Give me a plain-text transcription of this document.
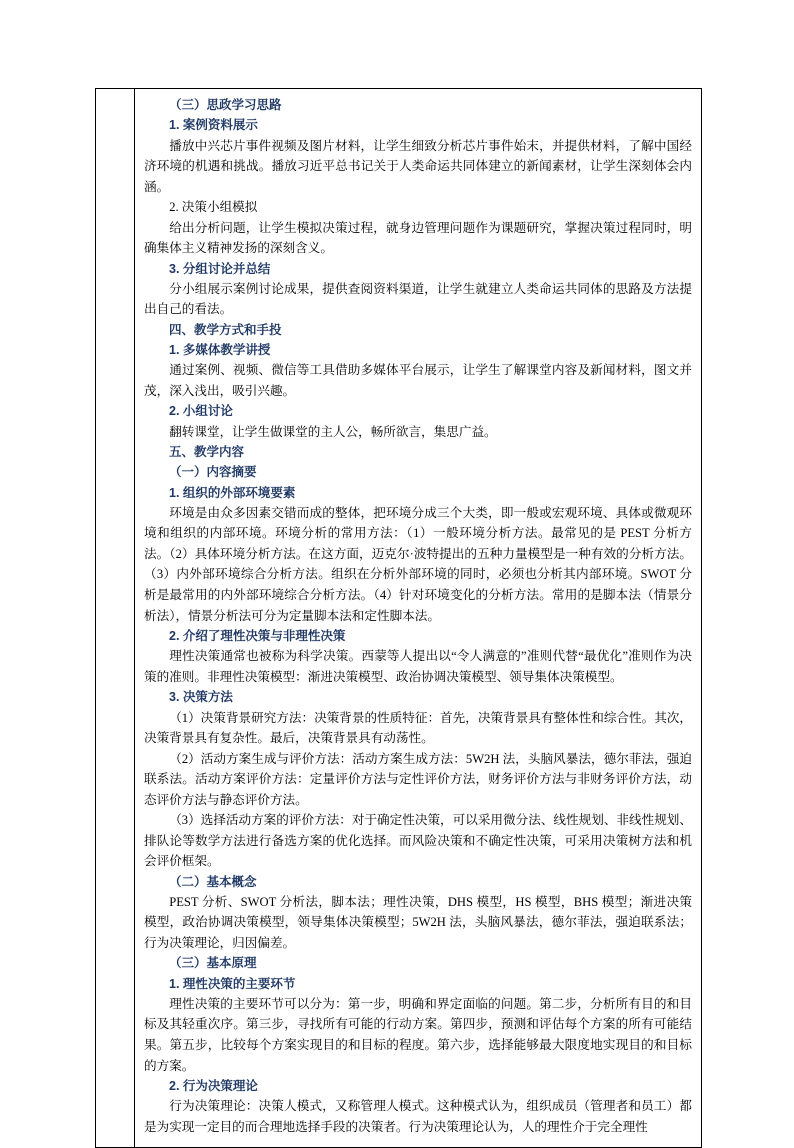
（三）思政学习思路

1. 案例资料展示

播放中兴芯片事件视频及图片材料，让学生细致分析芯片事件始末，并提供材料，了解中国经济环境的机遇和挑战。播放习近平总书记关于人类命运共同体建立的新闻素材，让学生深刻体会内涵。

2. 决策小组模拟

给出分析问题，让学生模拟决策过程，就身边管理问题作为课题研究，掌握决策过程同时，明确集体主义精神发扬的深刻含义。

3. 分组讨论并总结

分小组展示案例讨论成果，提供查阅资料渠道，让学生就建立人类命运共同体的思路及方法提出自己的看法。

四、教学方式和手投

1. 多媒体教学讲授

通过案例、视频、微信等工具借助多媒体平台展示，让学生了解课堂内容及新闻材料，图文并茂，深入浅出，吸引兴趣。

2. 小组讨论

翻转课堂，让学生做课堂的主人公，畅所欲言，集思广益。

五、教学内容

（一）内容摘要

1. 组织的外部环境要素

环境是由众多因素交错而成的整体，把环境分成三个大类，即一般或宏观环境、具体或微观环境和组织的内部环境。环境分析的常用方法：（1）一般环境分析方法。最常见的是 PEST 分析方法。（2）具体环境分析方法。在这方面，迈克尔·波特提出的五种力量模型是一种有效的分析方法。（3）内外部环境综合分析方法。组织在分析外部环境的同时，必须也分析其内部环境。SWOT 分析是最常用的内外部环境综合分析方法。（4）针对环境变化的分析方法。常用的是脚本法（情景分析法），情景分析法可分为定量脚本法和定性脚本法。

2. 介绍了理性决策与非理性决策

理性决策通常也被称为科学决策。西蒙等人提出以“令人满意的”准则代替“最优化”准则作为决策的准则。非理性决策模型：渐进决策模型、政治协调决策模型、领导集体决策模型。

3. 决策方法

（1）决策背景研究方法：决策背景的性质特征：首先，决策背景具有整体性和综合性。其次，决策背景具有复杂性。最后，决策背景具有动荡性。

（2）活动方案生成与评价方法：活动方案生成方法：5W2H 法，头脑风暴法，德尔菲法，强迫联系法。活动方案评价方法：定量评价方法与定性评价方法，财务评价方法与非财务评价方法，动态评价方法与静态评价方法。

（3）选择活动方案的评价方法：对于确定性决策，可以采用微分法、线性规划、非线性规划、排队论等数学方法进行备选方案的优化选择。而风险决策和不确定性决策，可采用决策树方法和机会评价框架。

（二）基本概念

PEST 分析、SWOT 分析法，脚本法；理性决策，DHS 模型，HS 模型，BHS 模型；渐进决策模型，政治协调决策模型，领导集体决策模型；5W2H 法，头脑风暴法，德尔菲法，强迫联系法；行为决策理论，归因偏差。

（三）基本原理

1. 理性决策的主要环节

理性决策的主要环节可以分为：第一步，明确和界定面临的问题。第二步，分析所有目的和目标及其轻重次序。第三步，寻找所有可能的行动方案。第四步，预测和评估每个方案的所有可能结果。第五步，比较每个方案实现目的和目标的程度。第六步，选择能够最大限度地实现目的和目标的方案。

2. 行为决策理论

行为决策理论：决策人模式，又称管理人模式。这种模式认为，组织成员（管理者和员工）都是为实现一定目的而合理地选择手段的决策者。行为决策理论认为，人的理性介于完全理性
